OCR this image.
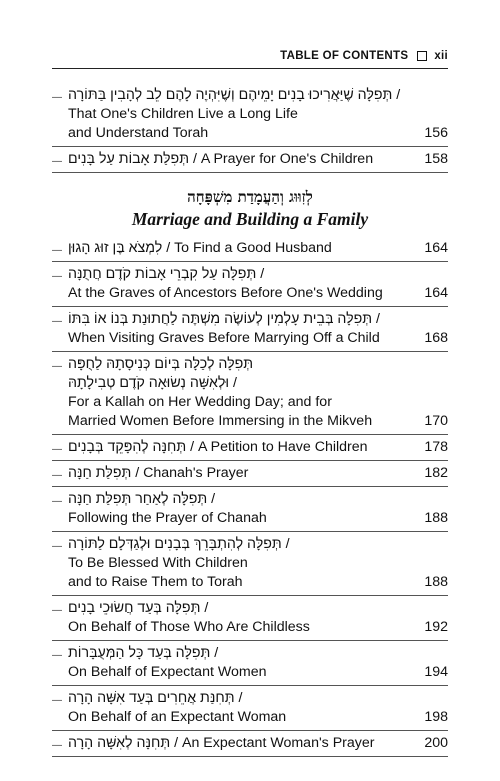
TABLE OF CONTENTS xii
— תְּפִלָּה שֶׁיַּאֲרִיכוּ בָנִים יָמֵיהֶם וְשֶׁיִּהְיֶה לָהֶם לֵב לְהָבִין בַּתּוֹרָה /
That One's Children Live a Long Life
and Understand Torah	156
— תְּפִלַּת אָבוֹת עַל בָּנִים / A Prayer for One's Children	158
לְזִוּוּג וְהַעֲמָדַת מִשְׁפָּחָה
Marriage and Building a Family
— לִמְצֹא בֶּן זוּג הָגוּן / To Find a Good Husband	164
— תְּפִלָּה עַל קִבְרֵי אָבוֹת קֹדֶם חֲתֻנָּה /
At the Graves of Ancestors Before One's Wedding	164
— תְּפִלָּה בְּבֵית עָלְמִין לְעוֹשֶׂה מִשְׁתֶּה לַחֲתוּנַת בְּנוֹ אוֹ בִּתּוֹ /
When Visiting Graves Before Marrying Off a Child	168
— תְּפִלָּה לְכַלָּה בְּיוֹם כְּנִיסָתָהּ לַחֻפָּה
וּלְאִשָּׁה נְשׂוּאָה קֹדֶם טְבִילָתָהּ /
For a Kallah on Her Wedding Day; and for
Married Women Before Immersing in the Mikveh	170
— תְּחִנָּה לְהִפָּקֵד בְּבָנִים / A Petition to Have Children	178
— תְּפִלַּת חַנָּה / Chanah's Prayer	182
— תְּפִלָּה לְאַחַר תְּפִלַּת חַנָּה /
Following the Prayer of Chanah	188
— תְּפִלָּה לְהִתְבָּרֵךְ בְּבָנִים וּלְגַדְּלָם לַתּוֹרָה /
To Be Blessed With Children
and to Raise Them to Torah	188
— תְּפִלָּה בְּעַד חֲשׂוּכֵי בָנִים /
On Behalf of Those Who Are Childless	192
— תְּפִלָּה בְּעַד כָּל הַמְּעֻבָּרוֹת /
On Behalf of Expectant Women	194
— תְּחִנַּת אֲחֵרִים בְּעַד אִשָּׁה הָרָה /
On Behalf of an Expectant Woman	198
— תְּחִנָּה לְאִשָּׁה הָרָה / An Expectant Woman's Prayer	200
